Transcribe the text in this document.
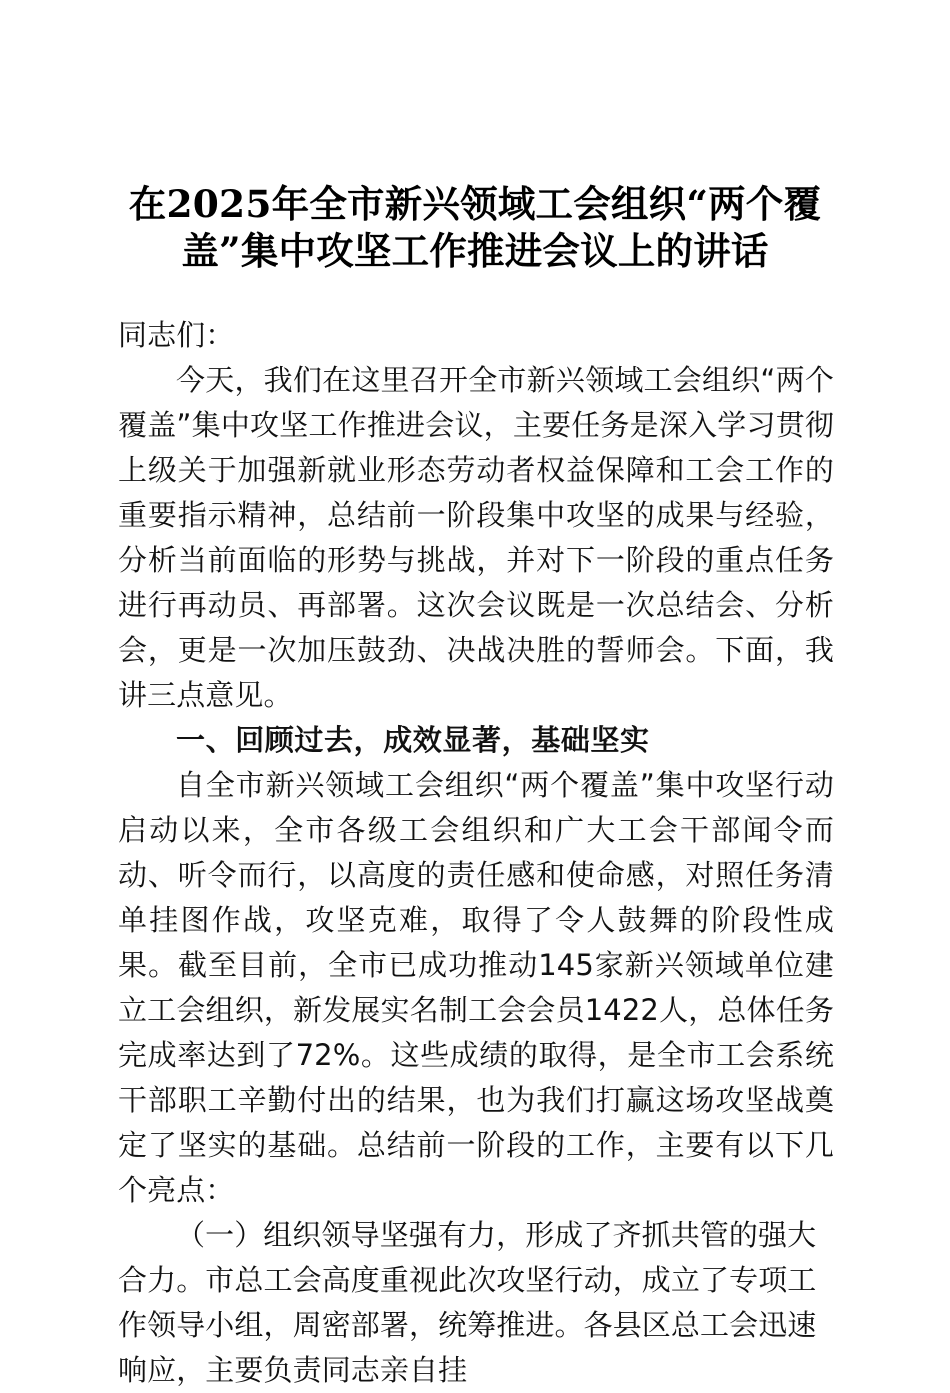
在2025年全市新兴领域工会组织“两个覆盖”集中攻坚工作推进会议上的讲话

同志们：

今天，我们在这里召开全市新兴领域工会组织“两个覆盖”集中攻坚工作推进会议，主要任务是深入学习贯彻上级关于加强新就业形态劳动者权益保障和工会工作的重要指示精神，总结前一阶段集中攻坚的成果与经验，分析当前面临的形势与挑战，并对下一阶段的重点任务进行再动员、再部署。这次会议既是一次总结会、分析会，更是一次加压鼓劲、决战决胜的誓师会。下面，我讲三点意见。

一、回顾过去，成效显著，基础坚实

自全市新兴领域工会组织“两个覆盖”集中攻坚行动启动以来，全市各级工会组织和广大工会干部闻令而动、听令而行，以高度的责任感和使命感，对照任务清单挂图作战，攻坚克难，取得了令人鼓舞的阶段性成果。截至目前，全市已成功推动145家新兴领域单位建立工会组织，新发展实名制工会会员1422人，总体任务完成率达到了72%。这些成绩的取得，是全市工会系统干部职工辛勤付出的结果，也为我们打赢这场攻坚战奠定了坚实的基础。总结前一阶段的工作，主要有以下几个亮点：

（一）组织领导坚强有力，形成了齐抓共管的强大合力。市总工会高度重视此次攻坚行动，成立了专项工作领导小组，周密部署，统筹推进。各县区总工会迅速响应，主要负责同志亲自挂
